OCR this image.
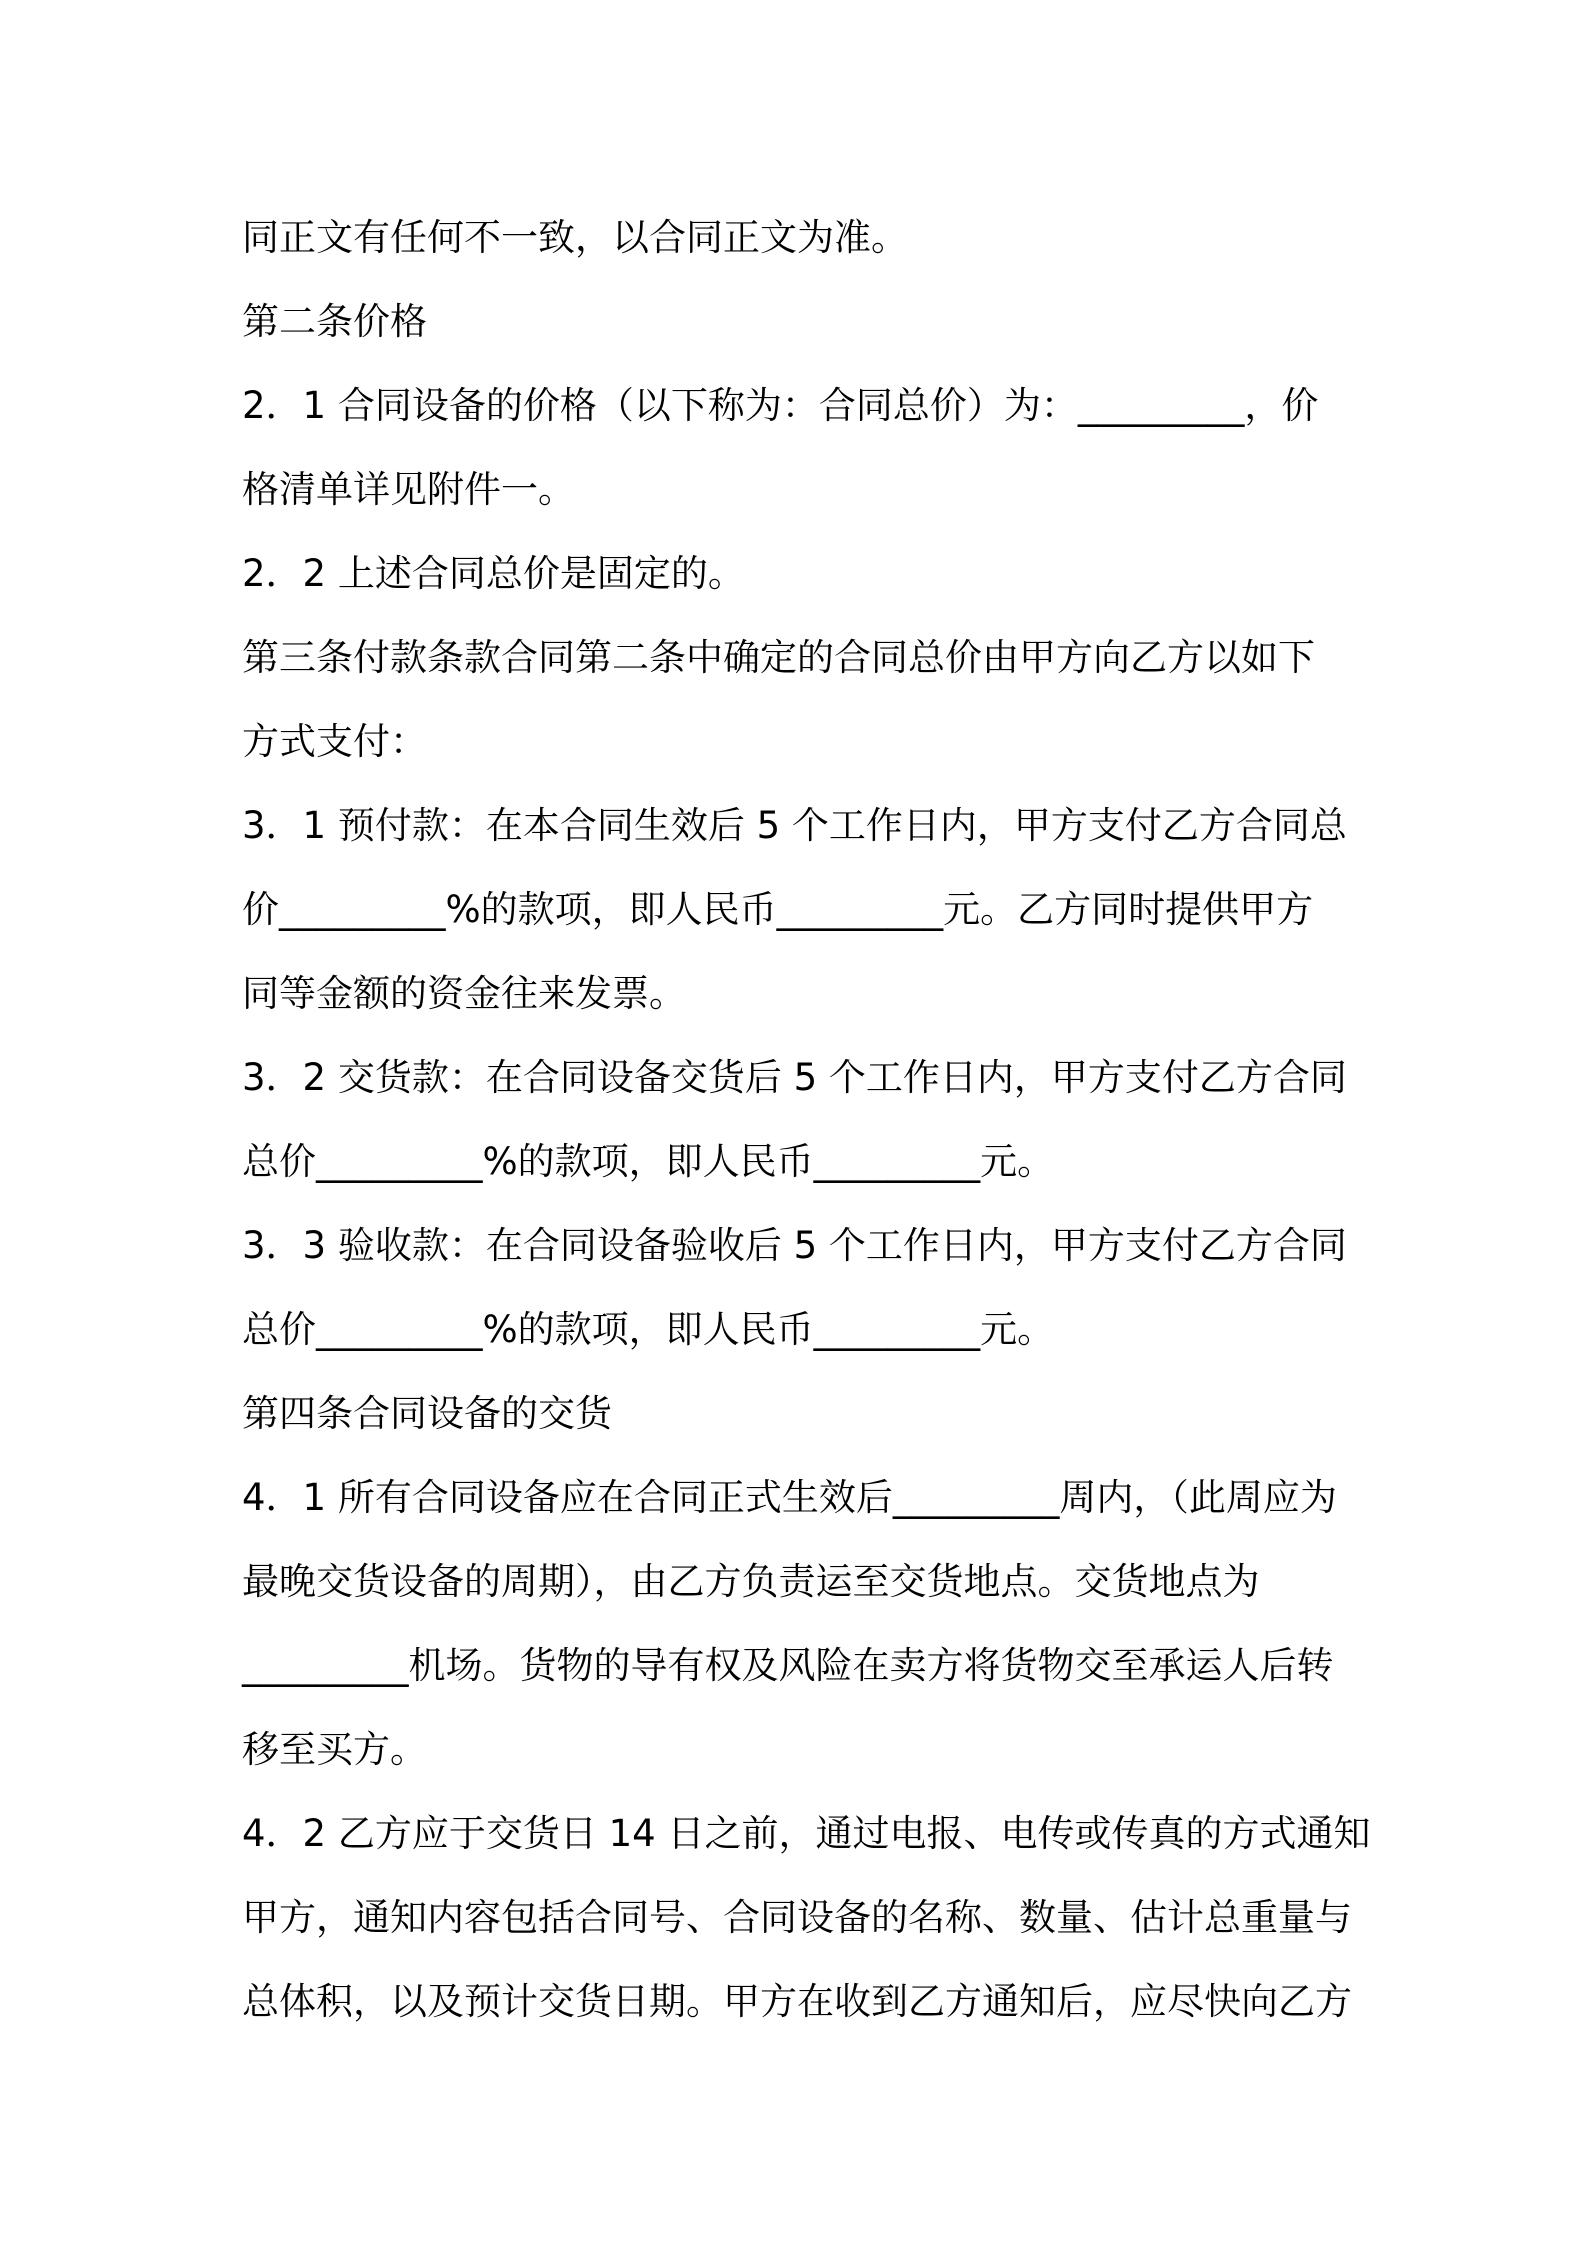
同正文有任何不一致，以合同正文为准。
第二条价格
2．1 合同设备的价格（以下称为：合同总价）为：_________，价
格清单详见附件一。
2．2 上述合同总价是固定的。
第三条付款条款合同第二条中确定的合同总价由甲方向乙方以如下
方式支付：
3．1 预付款：在本合同生效后 5 个工作日内，甲方支付乙方合同总
价_________%的款项，即人民币_________元。乙方同时提供甲方
同等金额的资金往来发票。
3．2 交货款：在合同设备交货后 5 个工作日内，甲方支付乙方合同
总价_________%的款项，即人民币_________元。
3．3 验收款：在合同设备验收后 5 个工作日内，甲方支付乙方合同
总价_________%的款项，即人民币_________元。
第四条合同设备的交货
4．1 所有合同设备应在合同正式生效后_________周内，（此周应为
最晚交货设备的周期），由乙方负责运至交货地点。交货地点为
_________机场。货物的导有权及风险在卖方将货物交至承运人后转
移至买方。
4．2 乙方应于交货日 14 日之前，通过电报、电传或传真的方式通知
甲方，通知内容包括合同号、合同设备的名称、数量、估计总重量与
总体积，以及预计交货日期。甲方在收到乙方通知后，应尽快向乙方
